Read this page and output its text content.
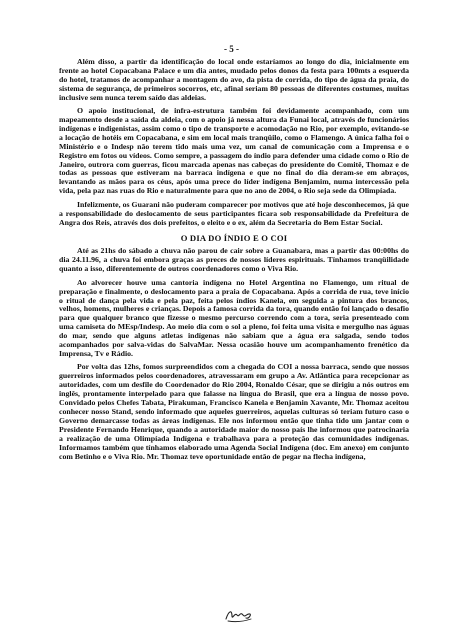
- 5 -

Além disso, a partir da identificação do local onde estaríamos ao longo do dia, inicialmente em frente ao hotel Copacabana Palace e um dia antes, mudado pelos donos da festa para 100mts a esquerda do hotel, tratamos de acompanhar a montagem do avo, da pista de corrida, do tipo de água da praia, do sistema de segurança, de primeiros socorros, etc, afinal seriam 80 pessoas de diferentes costumes, muitas inclusive sem nunca terem saído das aldeias.

O apoio institucional, de infra-estrutura também foi devidamente acompanhado, com um mapeamento desde a saída da aldeia, com o apoio já nessa altura da Funai local, através de funcionários indígenas e indigenistas, assim como o tipo de transporte e acomodação no Rio, por exemplo, evitando-se a locação de hotéis em Copacabana, e sim em local mais tranqüilo, como o Flamengo. A única falha foi o Ministério e o Indesp não terem tido mais uma vez, um canal de comunicação com a Imprensa e o Registro em fotos ou vídeos. Como sempre, a passagem do índio para defender uma cidade como o Rio de Janeiro, outrora com guerras, ficou marcada apenas nas cabeças do presidente do Comitê, Thomaz e de todas as pessoas que estiveram na barraca indígena e que no final do dia deram-se em abraços, levantando as mãos para os céus, após uma prece do líder indígena Benjamim, numa intercessão pela vida, pela paz nas ruas do Rio e naturalmente para que no ano de 2004, o Rio seja sede da Olimpíada.

Infelizmente, os Guarani não puderam comparecer por motivos que até hoje desconhecemos, já que a responsabilidade do deslocamento de seus participantes ficara sob responsabilidade da Prefeitura de Angra dos Reis, através dos dois prefeitos, o eleito e o ex, além da Secretaria do Bem Estar Social.

O DIA DO ÍNDIO E O COI

Até as 21hs do sábado a chuva não parou de cair sobre a Guanabara, mas a partir das 00:00hs do dia 24.11.96, a chuva foi embora graças as preces de nossos líderes espirituais. Tínhamos tranqüilidade quanto a isso, diferentemente de outros coordenadores como o Viva Rio.

Ao alvorecer houve uma cantoria indígena no Hotel Argentina no Flamengo, um ritual de preparação e finalmente, o deslocamento para a praia de Copacabana. Após a corrida de rua, teve início o ritual de dança pela vida e pela paz, feita pelos índios Kanela, em seguida a pintura dos brancos, velhos, homens, mulheres e crianças. Depois a famosa corrida da tora, quando então foi lançado o desafio para que qualquer branco que fizesse o mesmo percurso correndo com a tora, seria presenteado com uma camiseta do MEsp/Indesp. Ao meio dia com o sol a pleno, foi feita uma visita e mergulho nas águas do mar, sendo que alguns atletas indígenas não sabiam que a água era salgada, sendo todos acompanhados por salva-vidas do SalvaMar. Nessa ocasião houve um acompanhamento frenético da Imprensa, Tv e Rádio.

Por volta das 12hs, fomos surpreendidos com a chegada do COI a nossa barraca, sendo que nossos guerreiros informados pelos coordenadores, atravessaram em grupo a Av. Atlântica para recepcionar as autoridades, com um desfile do Coordenador do Rio 2004, Ronaldo César, que se dirigiu a nós outros em inglês, prontamente interpelado para que falasse na língua do Brasil, que era a língua de nosso povo. Convidado pelos Chefes Tabata, Pirakuman, Francisco Kanela e Benjamin Xavante, Mr. Thomaz aceitou conhecer nosso Stand, sendo informado que aqueles guerreiros, aquelas culturas só teriam futuro caso o Governo demarcasse todas as áreas indígenas. Ele nos informou então que tinha tido um jantar com o Presidente Fernando Henrique, quando a autoridade maior do nosso país lhe informou que patrocinaria a realização de uma Olimpíada Indígena e trabalhava para a proteção das comunidades indígenas. Informamos também que tínhamos elaborado uma Agenda Social Indígena (doc. Em anexo) em conjunto com Betinho e o Viva Rio. Mr. Thomaz teve oportunidade então de pegar na flecha indígena,
